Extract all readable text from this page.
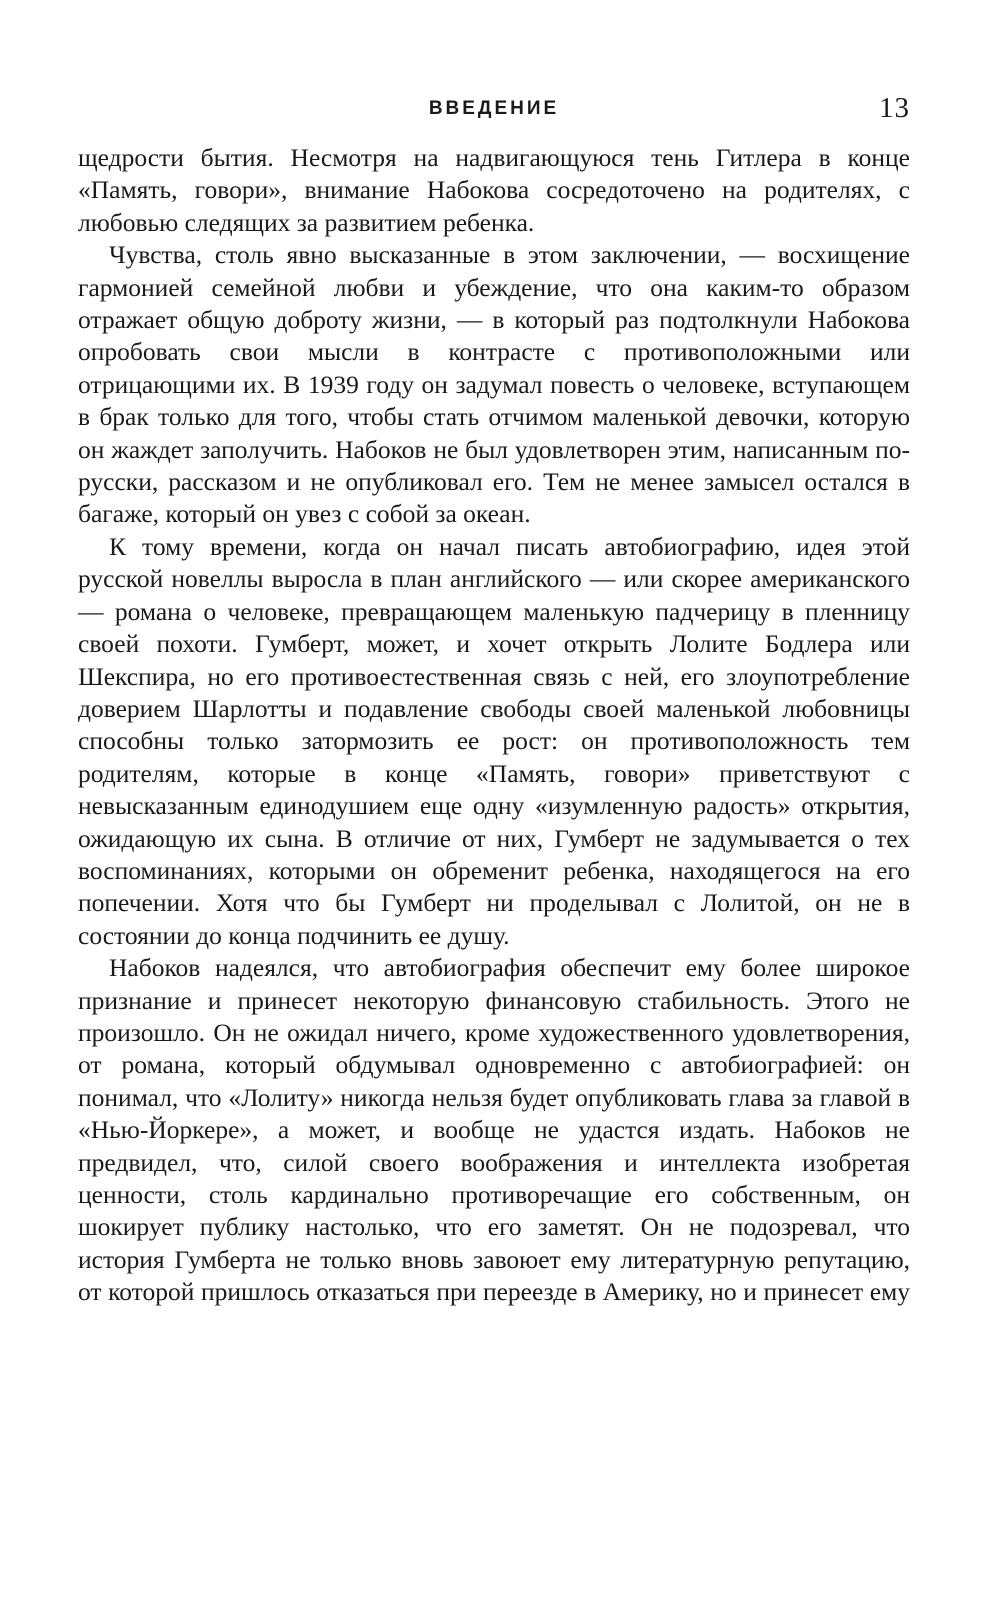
ВВЕДЕНИЕ	13

щедрости бытия. Несмотря на надвигающуюся тень Гитлера в конце «Память, говори», внимание Набокова сосредоточено на родителях, с любовью следящих за развитием ребенка.

Чувства, столь явно высказанные в этом заключении, — восхищение гармонией семейной любви и убеждение, что она каким-то образом отражает общую доброту жизни, — в который раз подтолкнули Набокова опробовать свои мысли в контрасте с противоположными или отрицающими их. В 1939 году он задумал повесть о человеке, вступающем в брак только для того, чтобы стать отчимом маленькой девочки, которую он жаждет заполучить. Набоков не был удовлетворен этим, написанным по-русски, рассказом и не опубликовал его. Тем не менее замысел остался в багаже, который он увез с собой за океан.

К тому времени, когда он начал писать автобиографию, идея этой русской новеллы выросла в план английского — или скорее американского — романа о человеке, превращающем маленькую падчерицу в пленницу своей похоти. Гумберт, может, и хочет открыть Лолите Бодлера или Шекспира, но его противоестественная связь с ней, его злоупотребление доверием Шарлотты и подавление свободы своей маленькой любовницы способны только затормозить ее рост: он противоположность тем родителям, которые в конце «Память, говори» приветствуют с невысказанным единодушием еще одну «изумленную радость» открытия, ожидающую их сына. В отличие от них, Гумберт не задумывается о тех воспоминаниях, которыми он обременит ребенка, находящегося на его попечении. Хотя что бы Гумберт ни проделывал с Лолитой, он не в состоянии до конца подчинить ее душу.

Набоков надеялся, что автобиография обеспечит ему более широкое признание и принесет некоторую финансовую стабильность. Этого не произошло. Он не ожидал ничего, кроме художественного удовлетворения, от романа, который обдумывал одновременно с автобиографией: он понимал, что «Лолиту» никогда нельзя будет опубликовать глава за главой в «Нью-Йоркере», а может, и вообще не удастся издать. Набоков не предвидел, что, силой своего воображения и интеллекта изобретая ценности, столь кардинально противоречащие его собственным, он шокирует публику настолько, что его заметят. Он не подозревал, что история Гумберта не только вновь завоюет ему литературную репутацию, от которой пришлось отказаться при переезде в Америку, но и принесет ему
